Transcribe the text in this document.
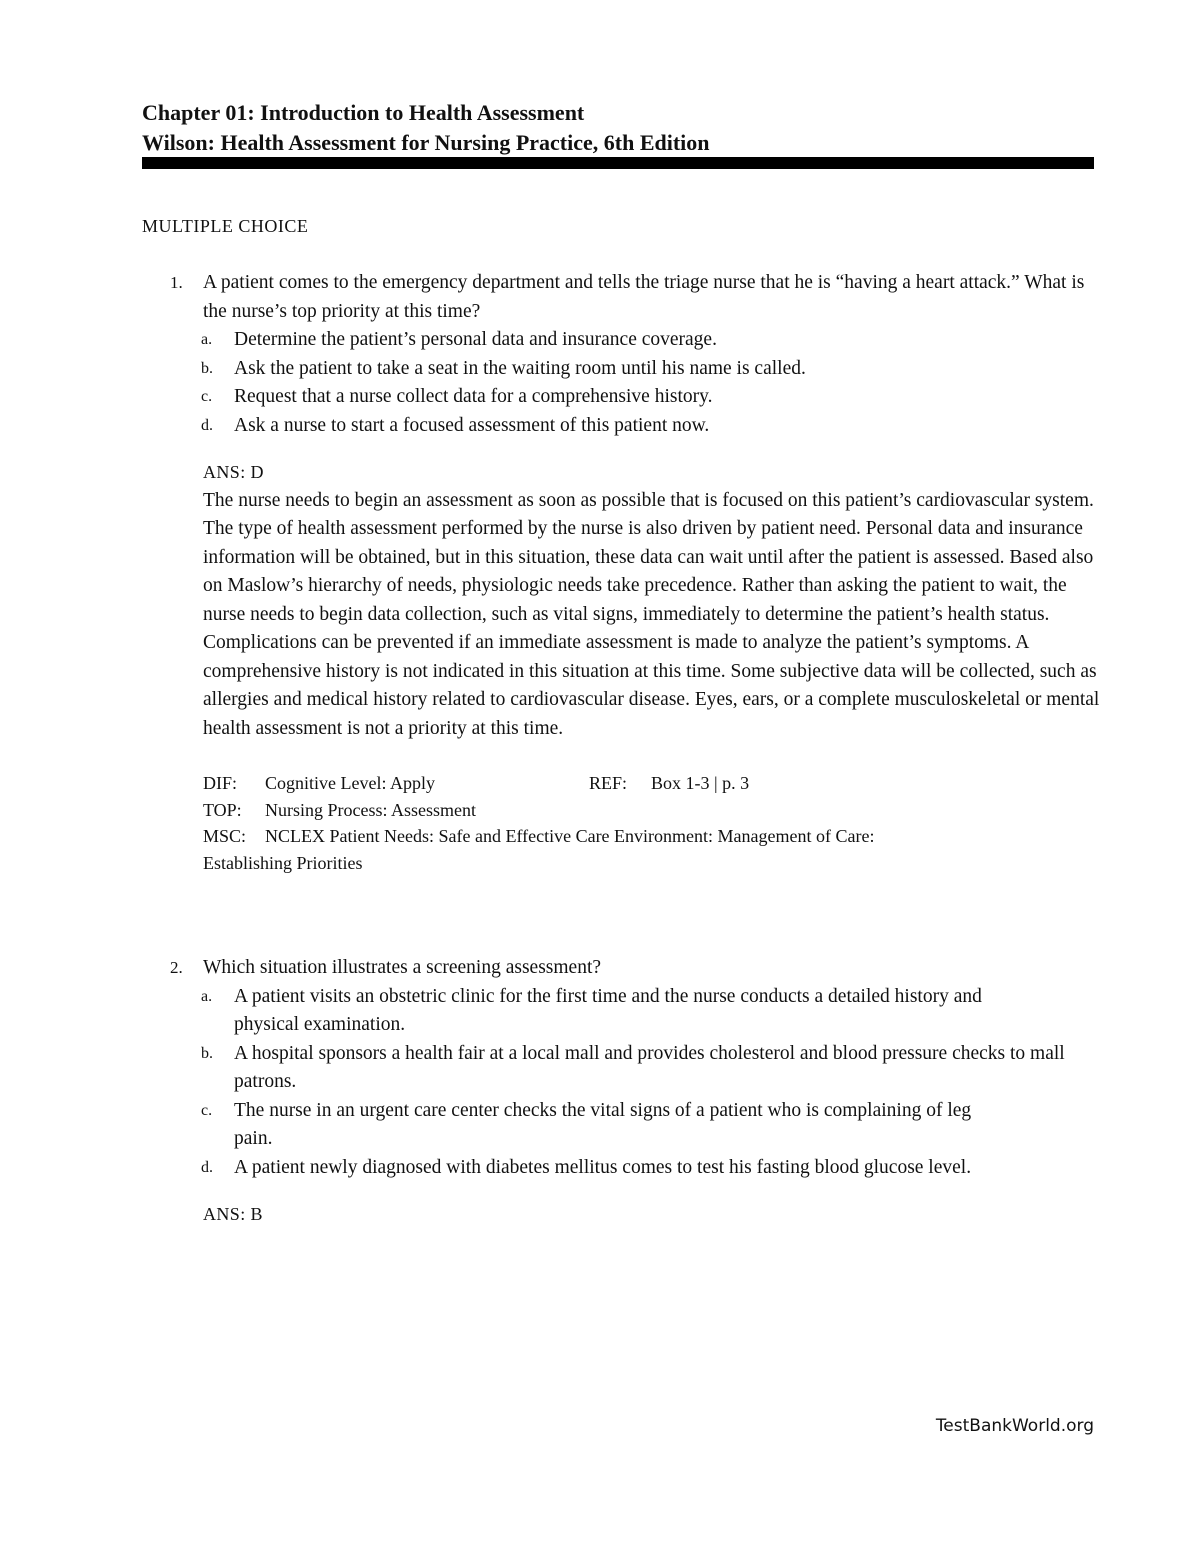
Chapter 01: Introduction to Health Assessment
Wilson: Health Assessment for Nursing Practice, 6th Edition
MULTIPLE CHOICE
1. A patient comes to the emergency department and tells the triage nurse that he is “having a heart attack.” What is the nurse’s top priority at this time?
a. Determine the patient’s personal data and insurance coverage.
b. Ask the patient to take a seat in the waiting room until his name is called.
c. Request that a nurse collect data for a comprehensive history.
d. Ask a nurse to start a focused assessment of this patient now.
ANS: D
The nurse needs to begin an assessment as soon as possible that is focused on this patient’s cardiovascular system. The type of health assessment performed by the nurse is also driven by patient need. Personal data and insurance information will be obtained, but in this situation, these data can wait until after the patient is assessed. Based also on Maslow’s hierarchy of needs, physiologic needs take precedence. Rather than asking the patient to wait, the nurse needs to begin data collection, such as vital signs, immediately to determine the patient’s health status. Complications can be prevented if an immediate assessment is made to analyze the patient’s symptoms. A comprehensive history is not indicated in this situation at this time. Some subjective data will be collected, such as allergies and medical history related to cardiovascular disease. Eyes, ears, or a complete musculoskeletal or mental health assessment is not a priority at this time.
DIF: Cognitive Level: Apply	REF: Box 1-3 | p. 3
TOP: Nursing Process: Assessment
MSC: NCLEX Patient Needs: Safe and Effective Care Environment: Management of Care:
Establishing Priorities
2. Which situation illustrates a screening assessment?
a. A patient visits an obstetric clinic for the first time and the nurse conducts a detailed history and physical examination.
b. A hospital sponsors a health fair at a local mall and provides cholesterol and blood pressure checks to mall patrons.
c. The nurse in an urgent care center checks the vital signs of a patient who is complaining of leg pain.
d. A patient newly diagnosed with diabetes mellitus comes to test his fasting blood glucose level.
ANS: B
TestBankWorld.org
